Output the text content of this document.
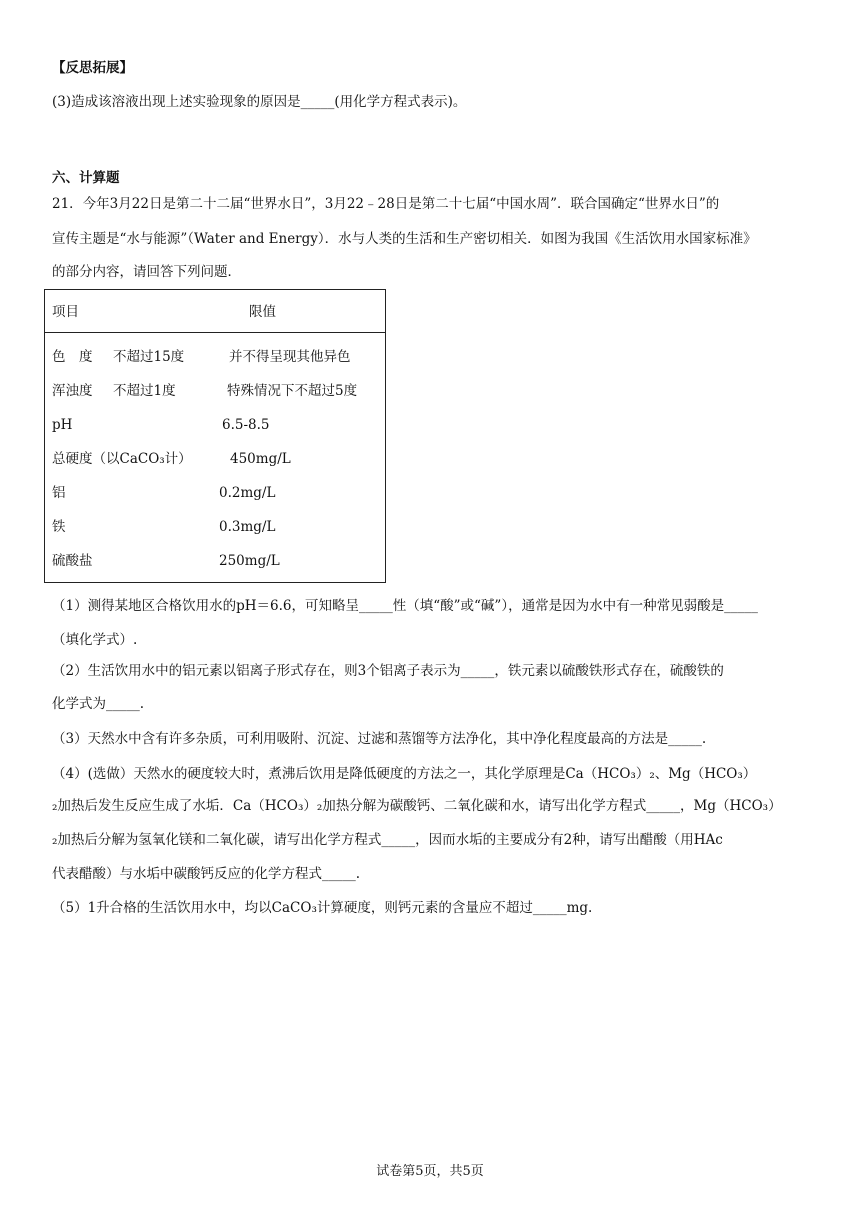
【反思拓展】
(3)造成该溶液出现上述实验现象的原因是_____(用化学方程式表示)。
六、计算题
21．今年3月22日是第二十二届“世界水日”，3月22﹣28日是第二十七届“中国水周”．联合国确定“世界水日”的
宣传主题是“水与能源”（Water and Energy）．水与人类的生活和生产密切相关．如图为我国《生活饮用水国家标准》
的部分内容，请回答下列问题．
项目	限值
色　度 不超过15度	并不得呈现其他异色
浑浊度 不超过1度	特殊情况下不超过5度
pH	6.5-8.5
总硬度（以CaCO₃计）	450mg/L
铝	0.2mg/L
铁	0.3mg/L
硫酸盐	250mg/L
（1）测得某地区合格饮用水的pH＝6.6，可知略呈_____性（填“酸”或“碱”），通常是因为水中有一种常见弱酸是_____
（填化学式）.
（2）生活饮用水中的铝元素以铝离子形式存在，则3个铝离子表示为_____，铁元素以硫酸铁形式存在，硫酸铁的
化学式为_____.
（3）天然水中含有许多杂质，可利用吸附、沉淀、过滤和蒸馏等方法净化，其中净化程度最高的方法是_____.
（4）(选做）天然水的硬度较大时，煮沸后饮用是降低硬度的方法之一，其化学原理是Ca（HCO₃）₂、Mg（HCO₃）
₂加热后发生反应生成了水垢．Ca（HCO₃）₂加热分解为碳酸钙、二氧化碳和水，请写出化学方程式_____，Mg（HCO₃）
₂加热后分解为氢氧化镁和二氧化碳，请写出化学方程式_____，因而水垢的主要成分有2种，请写出醋酸（用HAc
代表醋酸）与水垢中碳酸钙反应的化学方程式_____.
（5）1升合格的生活饮用水中，均以CaCO₃计算硬度，则钙元素的含量应不超过_____mg.
试卷第5页，共5页
